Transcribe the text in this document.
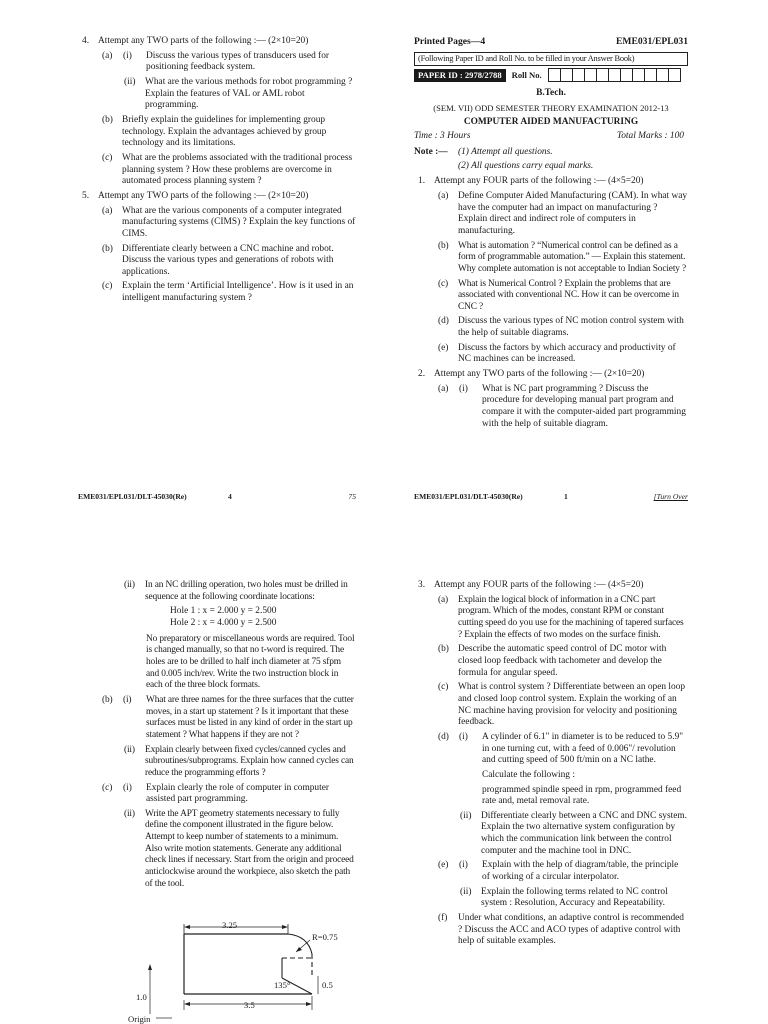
4. Attempt any TWO parts of the following :— (2×10=20)
(a) (i) Discuss the various types of transducers used for positioning feedback system.
(ii) What are the various methods for robot programming ? Explain the features of VAL or AML robot programming.
(b) Briefly explain the guidelines for implementing group technology. Explain the advantages achieved by group technology and its limitations.
(c) What are the problems associated with the traditional process planning system ? How these problems are overcome in automated process planning system ?
5. Attempt any TWO parts of the following :— (2×10=20)
(a) What are the various components of a computer integrated manufacturing systems (CIMS) ? Explain the key functions of CIMS.
(b) Differentiate clearly between a CNC machine and robot. Discuss the various types and generations of robots with applications.
(c) Explain the term ‘Artificial Intelligence’. How is it used in an intelligent manufacturing system ?
EME031/EPL031/DLT-45030(Re)	4	75
Printed Pages—4	EME031/EPL031
(Following Paper ID and Roll No. to be filled in your Answer Book)
PAPER ID : 2978/2788	Roll No.
B.Tech.
(SEM. VII) ODD SEMESTER THEORY EXAMINATION 2012-13
COMPUTER AIDED MANUFACTURING
Time : 3 Hours	Total Marks : 100
Note :— (1) Attempt all questions.
(2) All questions carry equal marks.
1. Attempt any FOUR parts of the following :— (4×5=20)
(a) Define Computer Aided Manufacturing (CAM). In what way have the computer had an impact on manufacturing ? Explain direct and indirect role of computers in manufacturing.
(b) What is automation ? “Numerical control can be defined as a form of programmable automation.” — Explain this statement. Why complete automation is not acceptable to Indian Society ?
(c) What is Numerical Control ? Explain the problems that are associated with conventional NC. How it can be overcome in CNC ?
(d) Discuss the various types of NC motion control system with the help of suitable diagrams.
(e) Discuss the factors by which accuracy and productivity of NC machines can be increased.
2. Attempt any TWO parts of the following :— (2×10=20)
(a) (i) What is NC part programming ? Discuss the procedure for developing manual part program and compare it with the computer-aided part programming with the help of suitable diagram.
EME031/EPL031/DLT-45030(Re)	1	[Turn Over
(ii) In an NC drilling operation, two holes must be drilled in sequence at the following coordinate locations:
Hole 1 : x = 2.000 y = 2.500
Hole 2 : x = 4.000 y = 2.500
No preparatory or miscellaneous words are required. Tool is changed manually, so that no t-word is required. The holes are to be drilled to half inch diameter at 75 sfpm and 0.005 inch/rev. Write the two instruction block in each of the three block formats.
(b) (i) What are three names for the three surfaces that the cutter moves, in a start up statement ? Is it important that these surfaces must be listed in any kind of order in the start up statement ? What happens if they are not ?
(ii) Explain clearly between fixed cycles/canned cycles and subroutines/subprograms. Explain how canned cycles can reduce the programming efforts ?
(c) (i) Explain clearly the role of computer in computer assisted part programming.
(ii) Write the APT geometry statements necessary to fully define the component illustrated in the figure below. Attempt to keep number of statements to a minimum. Also write motion statements. Generate any additional check lines if necessary. Start from the origin and proceed anticlockwise around the workpiece, also sketch the path of the tool.
3.25
R=0.75
135°	0.5
1.0
3.5
Origin
3. Attempt any FOUR parts of the following :— (4×5=20)
(a) Explain the logical block of information in a CNC part program. Which of the modes, constant RPM or constant cutting speed do you use for the machining of tapered surfaces ? Explain the effects of two modes on the surface finish.
(b) Describe the automatic speed control of DC motor with closed loop feedback with tachometer and develop the formula for angular speed.
(c) What is control system ? Differentiate between an open loop and closed loop control system. Explain the working of an NC machine having provision for velocity and positioning feedback.
(d) (i) A cylinder of 6.1" in diameter is to be reduced to 5.9" in one turning cut, with a feed of 0.006"/ revolution and cutting speed of 500 ft/min on a NC lathe.
Calculate the following :
programmed spindle speed in rpm, programmed feed rate and, metal removal rate.
(ii) Differentiate clearly between a CNC and DNC system. Explain the two alternative system configuration by which the communication link between the control computer and the machine tool in DNC.
(e) (i) Explain with the help of diagram/table, the principle of working of a circular interpolator.
(ii) Explain the following terms related to NC control system : Resolution, Accuracy and Repeatability.
(f) Under what conditions, an adaptive control is recommended ? Discuss the ACC and ACO types of adaptive control with help of suitable examples.
